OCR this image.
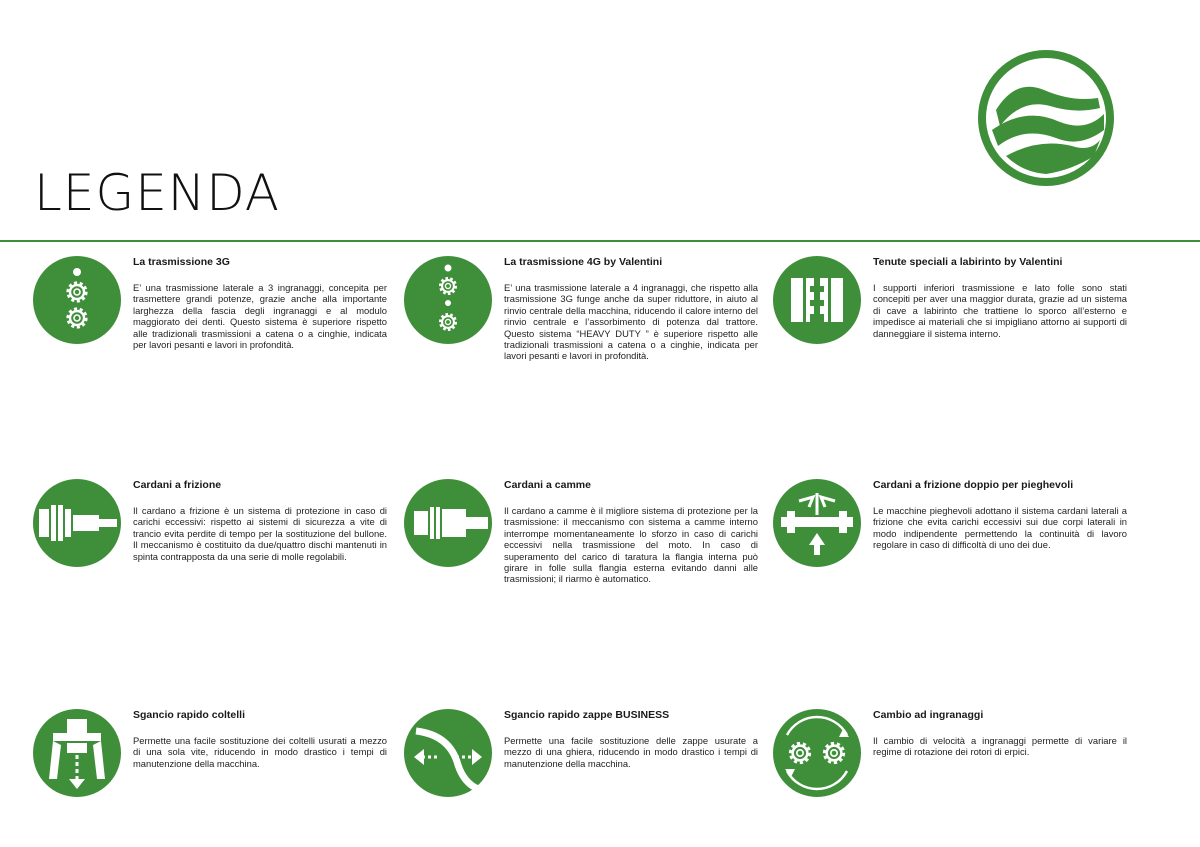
LEGENDA

La trasmissione 3G

E’ una trasmissione laterale a 3 ingranaggi, concepita per trasmettere grandi potenze, grazie anche alla importante larghezza della fascia degli ingranaggi e al modulo maggiorato dei denti. Questo sistema è superiore rispetto alle tradizionali trasmissioni a catena o a cinghie, indicata per lavori pesanti e lavori in profondità.

La trasmissione 4G by Valentini

E’ una trasmissione laterale a 4 ingranaggi, che rispetto alla trasmissione 3G funge anche da super riduttore, in aiuto al rinvio centrale della macchina, riducendo il calore interno del rinvio centrale e l’assorbimento di potenza dal trattore. Questo sistema “HEAVY DUTY ” è superiore rispetto alle tradizionali trasmissioni a catena o a cinghie, indicata per lavori pesanti e lavori in profondità.

Tenute speciali a labirinto by Valentini

I supporti inferiori trasmissione e lato folle sono stati concepiti per aver una maggior durata, grazie ad un sistema di cave a labirinto che trattiene lo sporco all’esterno e impedisce ai materiali che si impigliano attorno ai supporti di danneggiare il sistema interno.

Cardani a frizione

Il cardano a frizione è un sistema di protezione in caso di carichi eccessivi: rispetto ai sistemi di sicurezza a vite di trancio evita perdite di tempo per la sostituzione del bullone. Il meccanismo è costituito da due/quattro dischi mantenuti in spinta contrapposta da una serie di molle regolabili.

Cardani a camme

Il cardano a camme è il migliore sistema di protezione per la trasmissione: il meccanismo con sistema a camme interno interrompe momentaneamente lo sforzo in caso di carichi eccessivi nella trasmissione del moto. In caso di superamento del carico di taratura la flangia interna può girare in folle sulla flangia esterna evitando danni alle trasmissioni; il riarmo è automatico.

Cardani a frizione doppio per pieghevoli

Le macchine pieghevoli adottano il sistema cardani laterali a frizione che evita carichi eccessivi sui due corpi laterali in modo indipendente permettendo la continuità di lavoro regolare in caso di difficoltà di uno dei due.

Sgancio rapido coltelli

Permette una facile sostituzione dei coltelli usurati a mezzo di una sola vite, riducendo in modo drastico i tempi di manutenzione della macchina.

Sgancio rapido zappe BUSINESS

Permette una facile sostituzione delle zappe usurate a mezzo di una ghiera, riducendo in modo drastico i tempi di manutenzione della macchina.

Cambio ad ingranaggi

Il cambio di velocità a ingranaggi permette di variare il regime di rotazione dei rotori di erpici.
